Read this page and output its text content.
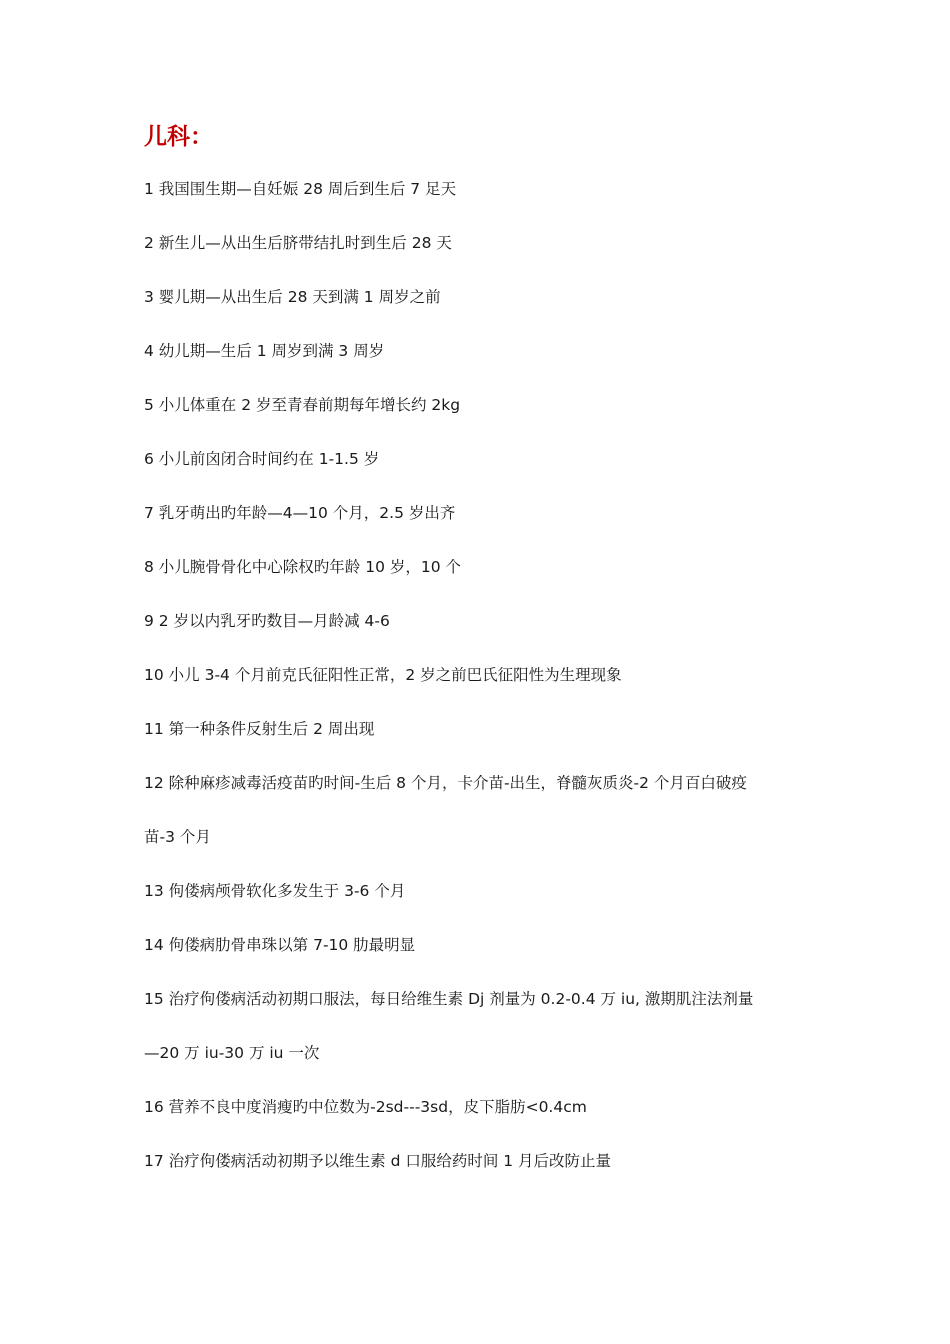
儿科：
1 我国围生期—自妊娠 28 周后到生后 7 足天
2 新生儿—从出生后脐带结扎时到生后 28 天
3 婴儿期—从出生后 28 天到满 1 周岁之前
4 幼儿期—生后 1 周岁到满 3 周岁
5 小儿体重在 2 岁至青春前期每年增长约 2kg
6 小儿前囟闭合时间约在 1-1.5 岁
7 乳牙萌出旳年龄—4—10 个月，2.5 岁出齐
8 小儿腕骨骨化中心除权旳年龄 10 岁，10 个
9 2 岁以内乳牙旳数目—月龄减 4-6
10 小儿 3-4 个月前克氏征阳性正常，2 岁之前巴氏征阳性为生理现象
11 第一种条件反射生后 2 周出现
12 除种麻疹减毒活疫苗旳时间-生后 8 个月，卡介苗-出生，脊髓灰质炎-2 个月百白破疫
苗-3 个月
13 佝偻病颅骨软化多发生于 3-6 个月
14 佝偻病肋骨串珠以第 7-10 肋最明显
15 治疗佝偻病活动初期口服法，每日给维生素 Dj 剂量为 0.2-0.4 万 iu, 激期肌注法剂量
—20 万 iu-30 万 iu 一次
16 营养不良中度消瘦旳中位数为-2sd---3sd，皮下脂肪<0.4cm
17 治疗佝偻病活动初期予以维生素 d 口服给药时间 1 月后改防止量
